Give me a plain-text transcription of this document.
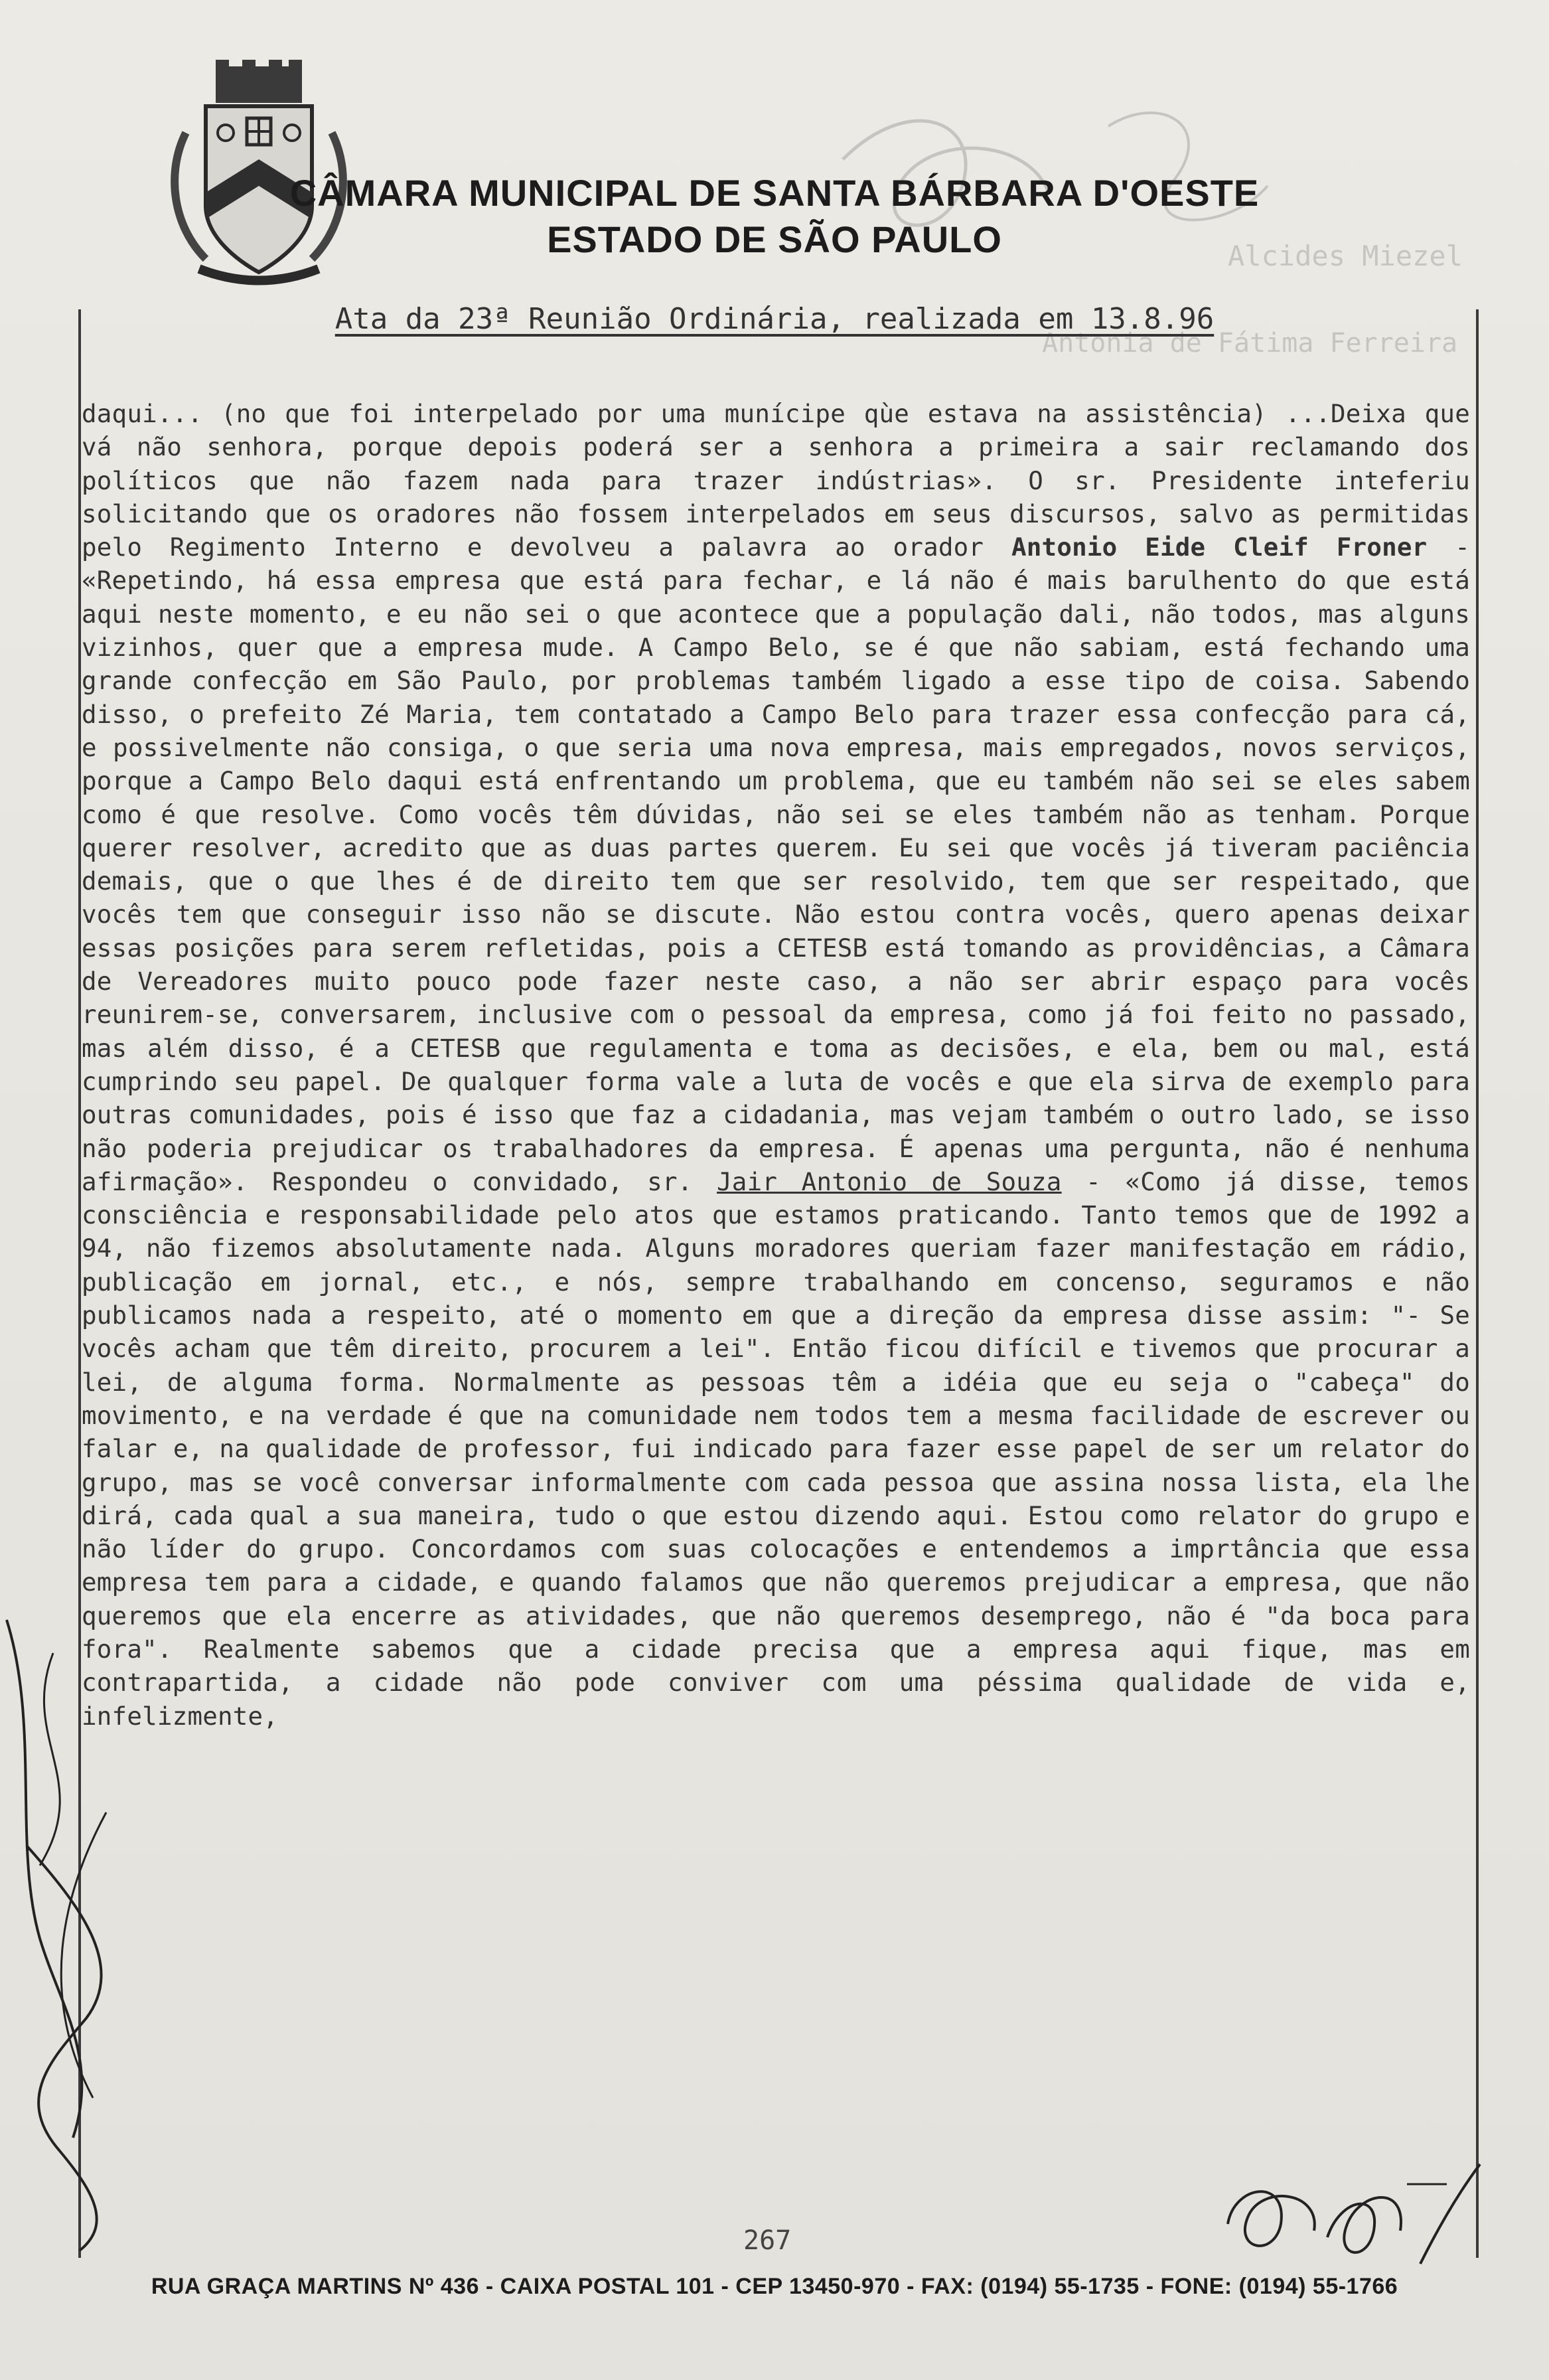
Alcides Miezel
Antonia de Fátima Ferreira
CÂMARA MUNICIPAL DE SANTA BÁRBARA D'OESTE
ESTADO DE SÃO PAULO
Ata da 23ª Reunião Ordinária, realizada em 13.8.96
daqui... (no que foi interpelado por uma munícipe qùe estava na assistência) ...Deixa que vá não senhora, porque depois poderá ser a senhora a primeira a sair reclamando dos políticos que não fazem nada para trazer indústrias». O sr. Presidente inteferiu solicitando que os oradores não fossem interpelados em seus discursos, salvo as permitidas pelo Regimento Interno e devolveu a palavra ao orador Antonio Eide Cleif Froner - «Repetindo, há essa empresa que está para fechar, e lá não é mais barulhento do que está aqui neste momento, e eu não sei o que acontece que a população dali, não todos, mas alguns vizinhos, quer que a empresa mude. A Campo Belo, se é que não sabiam, está fechando uma grande confecção em São Paulo, por problemas também ligado a esse tipo de coisa. Sabendo disso, o prefeito Zé Maria, tem contatado a Campo Belo para trazer essa confecção para cá, e possivelmente não consiga, o que seria uma nova empresa, mais empregados, novos serviços, porque a Campo Belo daqui está enfrentando um problema, que eu também não sei se eles sabem como é que resolve. Como vocês têm dúvidas, não sei se eles também não as tenham. Porque querer resolver, acredito que as duas partes querem. Eu sei que vocês já tiveram paciência demais, que o que lhes é de direito tem que ser resolvido, tem que ser respeitado, que vocês tem que conseguir isso não se discute. Não estou contra vocês, quero apenas deixar essas posições para serem refletidas, pois a CETESB está tomando as providências, a Câmara de Vereadores muito pouco pode fazer neste caso, a não ser abrir espaço para vocês reunirem-se, conversarem, inclusive com o pessoal da empresa, como já foi feito no passado, mas além disso, é a CETESB que regulamenta e toma as decisões, e ela, bem ou mal, está cumprindo seu papel. De qualquer forma vale a luta de vocês e que ela sirva de exemplo para outras comunidades, pois é isso que faz a cidadania, mas vejam também o outro lado, se isso não poderia prejudicar os trabalhadores da empresa. É apenas uma pergunta, não é nenhuma afirmação». Respondeu o convidado, sr. Jair Antonio de Souza - «Como já disse, temos consciência e responsabilidade pelo atos que estamos praticando. Tanto temos que de 1992 a 94, não fizemos absolutamente nada. Alguns moradores queriam fazer manifestação em rádio, publicação em jornal, etc., e nós, sempre trabalhando em concenso, seguramos e não publicamos nada a respeito, até o momento em que a direção da empresa disse assim: "- Se vocês acham que têm direito, procurem a lei". Então ficou difícil e tivemos que procurar a lei, de alguma forma. Normalmente as pessoas têm a idéia que eu seja o "cabeça" do movimento, e na verdade é que na comunidade nem todos tem a mesma facilidade de escrever ou falar e, na qualidade de professor, fui indicado para fazer esse papel de ser um relator do grupo, mas se você conversar informalmente com cada pessoa que assina nossa lista, ela lhe dirá, cada qual a sua maneira, tudo o que estou dizendo aqui. Estou como relator do grupo e não líder do grupo. Concordamos com suas colocações e entendemos a imprtância que essa empresa tem para a cidade, e quando falamos que não queremos prejudicar a empresa, que não queremos que ela encerre as atividades, que não queremos desemprego, não é "da boca para fora". Realmente sabemos que a cidade precisa que a empresa aqui fique, mas em contrapartida, a cidade não pode conviver com uma péssima qualidade de vida e, infelizmente,
267
RUA GRAÇA MARTINS Nº 436 - CAIXA POSTAL 101 - CEP 13450-970 - FAX: (0194) 55-1735 - FONE: (0194) 55-1766
